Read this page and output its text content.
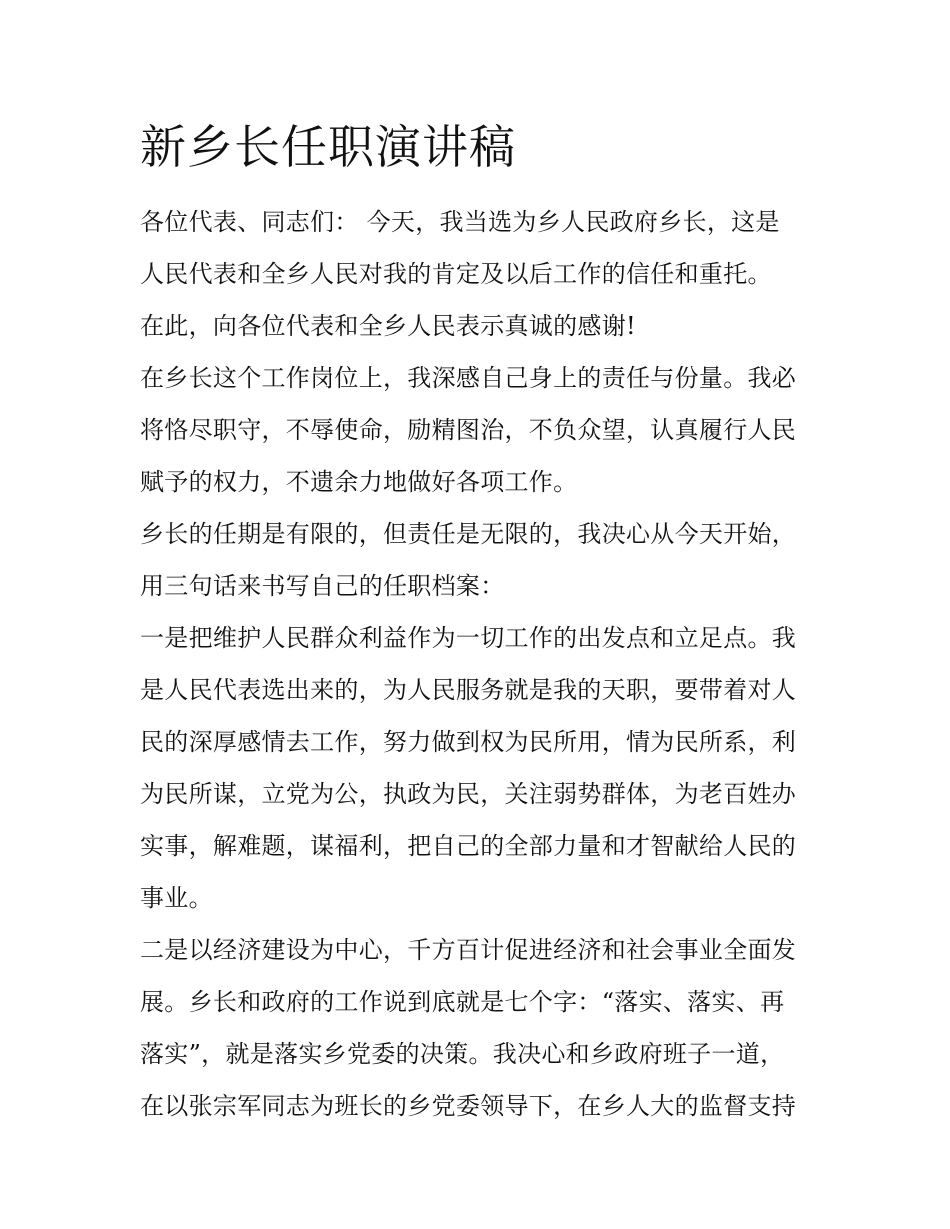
新乡长任职演讲稿
各位代表、同志们： 今天，我当选为乡人民政府乡长，这是
人民代表和全乡人民对我的肯定及以后工作的信任和重托。
在此，向各位代表和全乡人民表示真诚的感谢!
在乡长这个工作岗位上，我深感自己身上的责任与份量。我必
将恪尽职守，不辱使命，励精图治，不负众望，认真履行人民
赋予的权力，不遗余力地做好各项工作。
乡长的任期是有限的，但责任是无限的，我决心从今天开始，
用三句话来书写自己的任职档案：
一是把维护人民群众利益作为一切工作的出发点和立足点。我
是人民代表选出来的，为人民服务就是我的天职，要带着对人
民的深厚感情去工作，努力做到权为民所用，情为民所系，利
为民所谋，立党为公，执政为民，关注弱势群体，为老百姓办
实事，解难题，谋福利，把自己的全部力量和才智献给人民的
事业。
二是以经济建设为中心，千方百计促进经济和社会事业全面发
展。乡长和政府的工作说到底就是七个字：“落实、落实、再
落实”，就是落实乡党委的决策。我决心和乡政府班子一道，
在以张宗军同志为班长的乡党委领导下，在乡人大的监督支持
